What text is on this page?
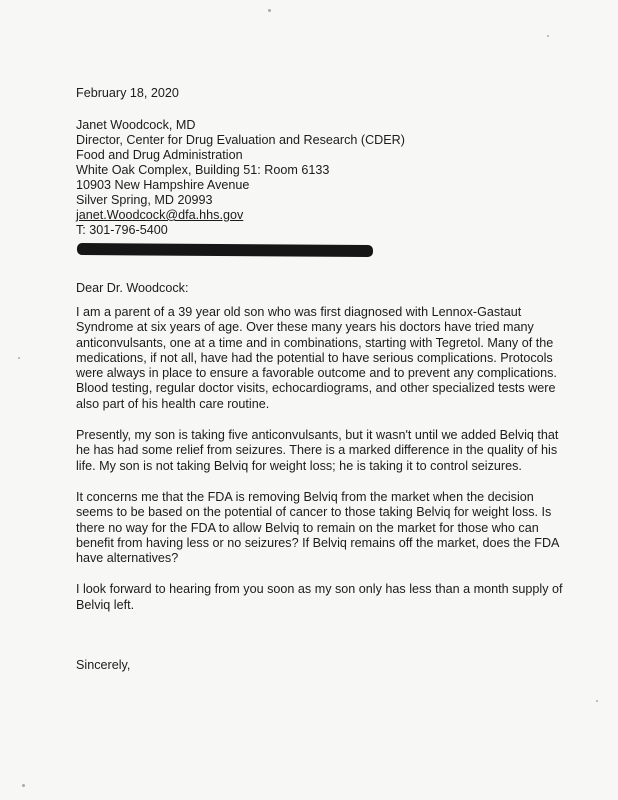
February 18, 2020

Janet Woodcock, MD

Director, Center for Drug Evaluation and Research (CDER)

Food and Drug Administration

White Oak Complex, Building 51: Room 6133

10903 New Hampshire Avenue

Silver Spring, MD 20993

janet.Woodcock@dfa.hhs.gov

T: 301-796-5400

Dear Dr. Woodcock:

I am a parent of a 39 year old son who was first diagnosed with Lennox-Gastaut Syndrome at six years of age. Over these many years his doctors have tried many anticonvulsants, one at a time and in combinations, starting with Tegretol. Many of the medications, if not all, have had the potential to have serious complications. Protocols were always in place to ensure a favorable outcome and to prevent any complications. Blood testing, regular doctor visits, echocardiograms, and other specialized tests were also part of his health care routine.

Presently, my son is taking five anticonvulsants, but it wasn't until we added Belviq that he has had some relief from seizures. There is a marked difference in the quality of his life. My son is not taking Belviq for weight loss; he is taking it to control seizures.

It concerns me that the FDA is removing Belviq from the market when the decision seems to be based on the potential of cancer to those taking Belviq for weight loss. Is there no way for the FDA to allow Belviq to remain on the market for those who can benefit from having less or no seizures? If Belviq remains off the market, does the FDA have alternatives?

I look forward to hearing from you soon as my son only has less than a month supply of Belviq left.

Sincerely,
